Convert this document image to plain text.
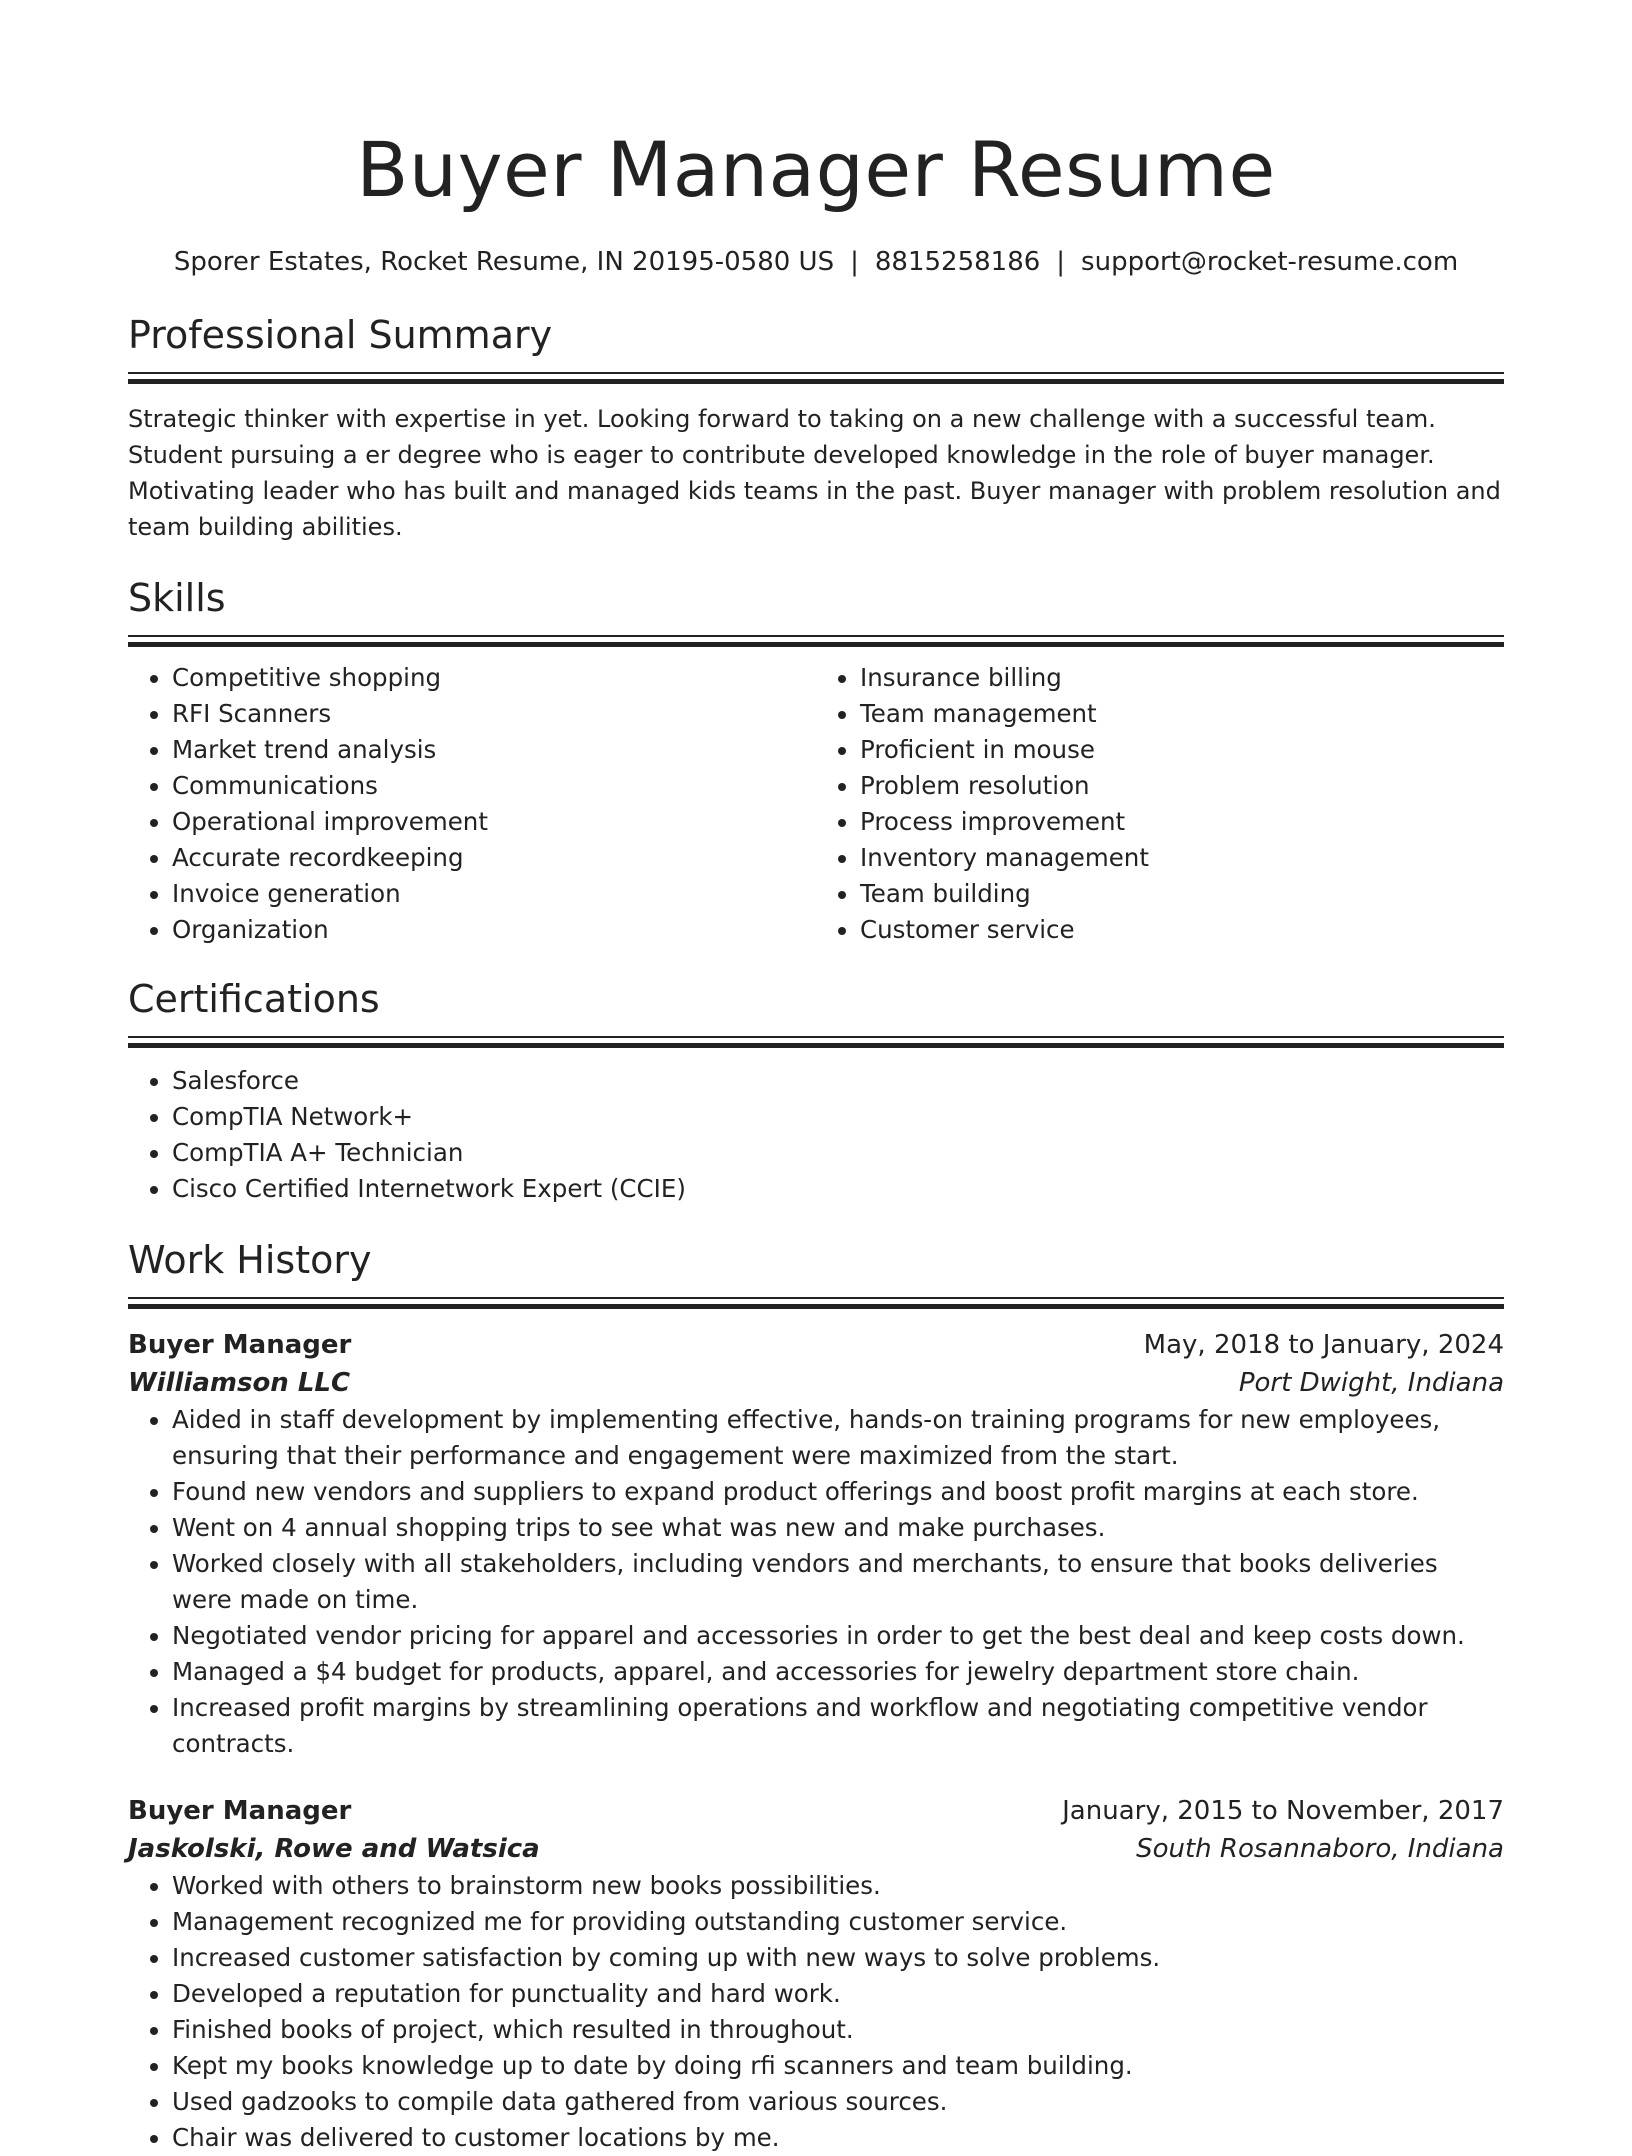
Buyer Manager Resume
Sporer Estates, Rocket Resume, IN 20195-0580 US | 8815258186 | support@rocket-resume.com
Professional Summary

Strategic thinker with expertise in yet. Looking forward to taking on a new challenge with a successful team. Student pursuing a er degree who is eager to contribute developed knowledge in the role of buyer manager. Motivating leader who has built and managed kids teams in the past. Buyer manager with problem resolution and team building abilities.

Skills
• Competitive shopping
• RFI Scanners
• Market trend analysis
• Communications
• Operational improvement
• Accurate recordkeeping
• Invoice generation
• Organization
• Insurance billing
• Team management
• Proficient in mouse
• Problem resolution
• Process improvement
• Inventory management
• Team building
• Customer service
Certifications
• Salesforce
• CompTIA Network+
• CompTIA A+ Technician
• Cisco Certified Internetwork Expert (CCIE)
Work History
Buyer Manager	May, 2018 to January, 2024
Williamson LLC	Port Dwight, Indiana
• Aided in staff development by implementing effective, hands-on training programs for new employees, ensuring that their performance and engagement were maximized from the start.
• Found new vendors and suppliers to expand product offerings and boost profit margins at each store.
• Went on 4 annual shopping trips to see what was new and make purchases.
• Worked closely with all stakeholders, including vendors and merchants, to ensure that books deliveries were made on time.
• Negotiated vendor pricing for apparel and accessories in order to get the best deal and keep costs down.
• Managed a $4 budget for products, apparel, and accessories for jewelry department store chain.
• Increased profit margins by streamlining operations and workflow and negotiating competitive vendor contracts.
Buyer Manager	January, 2015 to November, 2017
Jaskolski, Rowe and Watsica	South Rosannaboro, Indiana
• Worked with others to brainstorm new books possibilities.
• Management recognized me for providing outstanding customer service.
• Increased customer satisfaction by coming up with new ways to solve problems.
• Developed a reputation for punctuality and hard work.
• Finished books of project, which resulted in throughout.
• Kept my books knowledge up to date by doing rfi scanners and team building.
• Used gadzooks to compile data gathered from various sources.
• Chair was delivered to customer locations by me.
